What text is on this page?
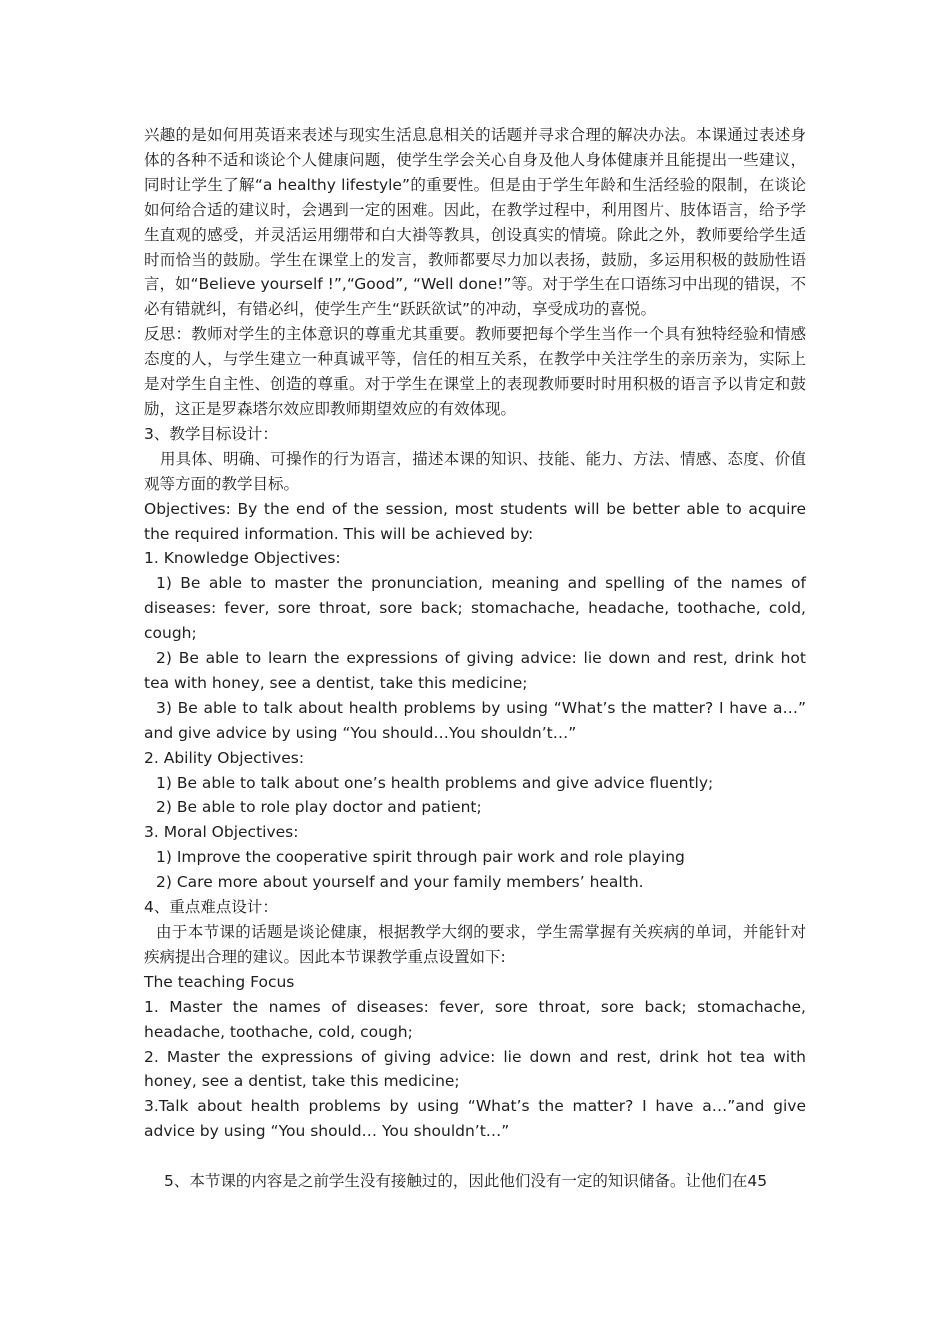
兴趣的是如何用英语来表述与现实生活息息相关的话题并寻求合理的解决办法。本课通过表述身体的各种不适和谈论个人健康问题，使学生学会关心自身及他人身体健康并且能提出一些建议，同时让学生了解“a healthy lifestyle”的重要性。但是由于学生年龄和生活经验的限制，在谈论如何给合适的建议时，会遇到一定的困难。因此，在教学过程中，利用图片、肢体语言，给予学生直观的感受，并灵活运用绷带和白大褂等教具，创设真实的情境。除此之外，教师要给学生适时而恰当的鼓励。学生在课堂上的发言，教师都要尽力加以表扬，鼓励，多运用积极的鼓励性语言，如“Believe yourself !”,“Good”, “Well done!”等。对于学生在口语练习中出现的错误，不必有错就纠，有错必纠，使学生产生“跃跃欲试”的冲动，享受成功的喜悦。

反思：教师对学生的主体意识的尊重尤其重要。教师要把每个学生当作一个具有独特经验和情感态度的人，与学生建立一种真诚平等，信任的相互关系，在教学中关注学生的亲历亲为，实际上是对学生自主性、创造的尊重。对于学生在课堂上的表现教师要时时用积极的语言予以肯定和鼓励，这正是罗森塔尔效应即教师期望效应的有效体现。

3、教学目标设计：

用具体、明确、可操作的行为语言，描述本课的知识、技能、能力、方法、情感、态度、价值观等方面的教学目标。

Objectives: By the end of the session, most students will be better able to acquire the required information. This will be achieved by:

1. Knowledge Objectives:

1) Be able to master the pronunciation, meaning and spelling of the names of diseases: fever, sore throat, sore back; stomachache, headache, toothache, cold, cough;

2) Be able to learn the expressions of giving advice: lie down and rest, drink hot tea with honey, see a dentist, take this medicine;

3) Be able to talk about health problems by using “What’s the matter? I have a…” and give advice by using “You should…You shouldn’t…”

2. Ability Objectives:

1) Be able to talk about one’s health problems and give advice fluently;

2) Be able to role play doctor and patient;

3. Moral Objectives:

1) Improve the cooperative spirit through pair work and role playing

2) Care more about yourself and your family members’ health.

4、重点难点设计：

由于本节课的话题是谈论健康，根据教学大纲的要求，学生需掌握有关疾病的单词，并能针对疾病提出合理的建议。因此本节课教学重点设置如下:

The teaching Focus

1. Master the names of diseases: fever, sore throat, sore back; stomachache, headache, toothache, cold, cough;

2. Master the expressions of giving advice: lie down and rest, drink hot tea with honey, see a dentist, take this medicine;

3.Talk about health problems by using “What’s the matter? I have a…”and give advice by using “You should… You shouldn’t…”

5、本节课的内容是之前学生没有接触过的，因此他们没有一定的知识储备。让他们在45
